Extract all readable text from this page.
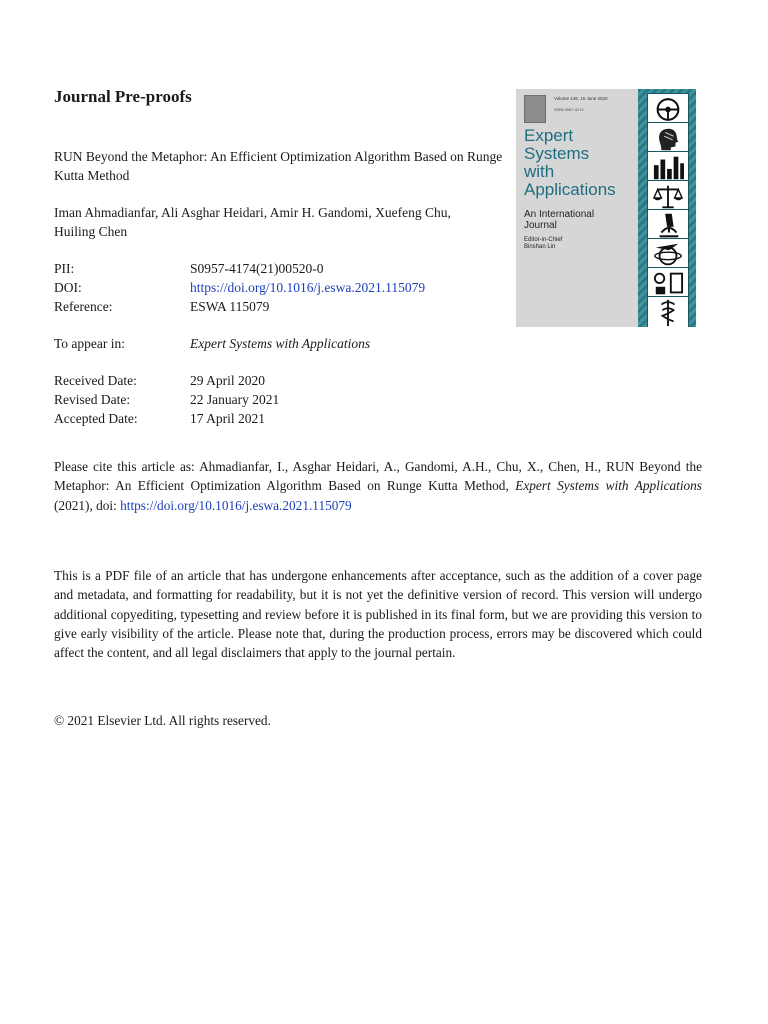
Journal Pre-proofs
RUN Beyond the Metaphor: An Efficient Optimization Algorithm Based on Runge Kutta Method
Iman Ahmadianfar, Ali Asghar Heidari, Amir H. Gandomi, Xuefeng Chu, Huiling Chen
PII:	S0957-4174(21)00520-0
DOI:	https://doi.org/10.1016/j.eswa.2021.115079
Reference:	ESWA 115079
To appear in:	Expert Systems with Applications
Received Date:	29 April 2020
Revised Date:	22 January 2021
Accepted Date:	17 April 2021
Please cite this article as: Ahmadianfar, I., Asghar Heidari, A., Gandomi, A.H., Chu, X., Chen, H., RUN Beyond the Metaphor: An Efficient Optimization Algorithm Based on Runge Kutta Method, Expert Systems with Applications (2021), doi: https://doi.org/10.1016/j.eswa.2021.115079
This is a PDF file of an article that has undergone enhancements after acceptance, such as the addition of a cover page and metadata, and formatting for readability, but it is not yet the definitive version of record. This version will undergo additional copyediting, typesetting and review before it is published in its final form, but we are providing this version to give early visibility of the article. Please note that, during the production process, errors may be discovered which could affect the content, and all legal disclaimers that apply to the journal pertain.
© 2021 Elsevier Ltd. All rights reserved.
Volume 146, 15 June 2020
ISSN 0957-4174
Expert
Systems
with
Applications
An International Journal
Editor-in-Chief
Binshan Lin
